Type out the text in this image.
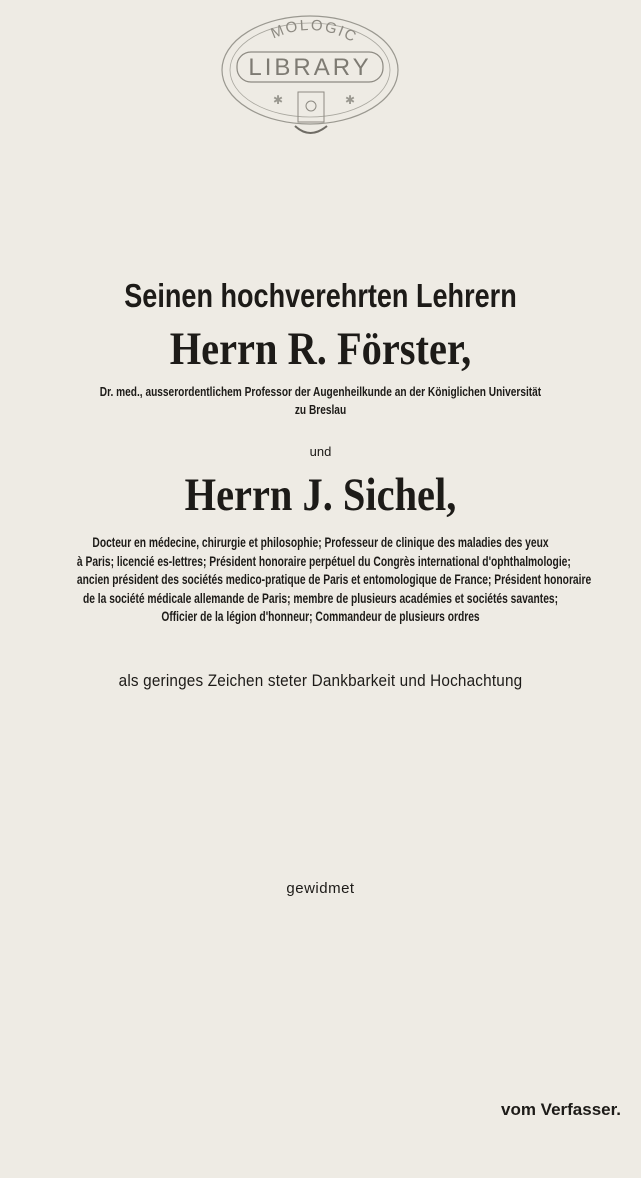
MOLOGIC
LIBRARY
✱	✱
Seinen hochverehrten Lehrern
Herrn R. Förster,
Dr. med., ausserordentlichem Professor der Augenheilkunde an der Königlichen Universität
zu Breslau
und
Herrn J. Sichel,
Docteur en médecine, chirurgie et philosophie; Professeur de clinique des maladies des yeux
à Paris; licencié es-lettres; Président honoraire perpétuel du Congrès international d'ophthalmologie;
ancien président des sociétés medico-pratique de Paris et entomologique de France; Président honoraire
de la société médicale allemande de Paris; membre de plusieurs académies et sociétés savantes;
Officier de la légion d'honneur; Commandeur de plusieurs ordres
als geringes Zeichen steter Dankbarkeit und Hochachtung
gewidmet
vom Verfasser.
